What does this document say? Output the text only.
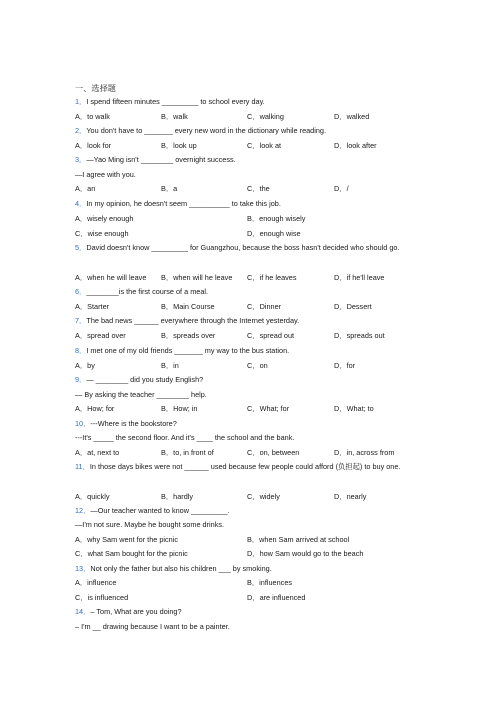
一、选择题
1．I spend fifteen minutes _________ to school every day.
A．to walk	B．walk	C．walking	D．walked
2．You don't have to _______ every new word in the dictionary while reading.
A．look for	B．look up	C．look at	D．look after
3．—Yao Ming isn't ________ overnight success.
—I agree with you.
A．an	B．a	C．the	D．/
4．In my opinion, he doesn't seem __________ to take this job.
A．wisely enough	B．enough wisely
C．wise enough	D．enough wise
5．David doesn't know _________ for Guangzhou, because the boss hasn't decided who should go.
A．when he will leave B．when will he leave C．if he leaves	D．if he'll leave
6．________is the first course of a meal.
A．Starter	B．Main Course	C．Dinner	D．Dessert
7．The bad news ______ everywhere through the Internet yesterday.
A．spread over	B．spreads over	C．spread out	D．spreads out
8．I met one of my old friends _______ my way to the bus station.
A．by	B．in	C．on	D．for
9．— ________ did you study English?
— By asking the teacher ________ help.
A．How; for	B．How; in	C．What; for	D．What; to
10．---Where is the bookstore?
---It's _____ the second floor. And it's ____ the school and the bank.
A．at, next to	B．to, in front of	C．on, between	D．in, across from
11．In those days bikes were not ______ used because few people could afford (负担起) to buy one.
A．quickly	B．hardly	C．widely	D．nearly
12．—Our teacher wanted to know _________.
—I'm not sure. Maybe he bought some drinks.
A．why Sam went for the picnic	B．when Sam arrived at school
C．what Sam bought for the picnic	D．how Sam would go to the beach
13．Not only the father but also his children ___ by smoking.
A．influence	B．influences
C．is influenced	D．are influenced
14．– Tom, What are you doing?
– I'm __ drawing because I want to be a painter.
